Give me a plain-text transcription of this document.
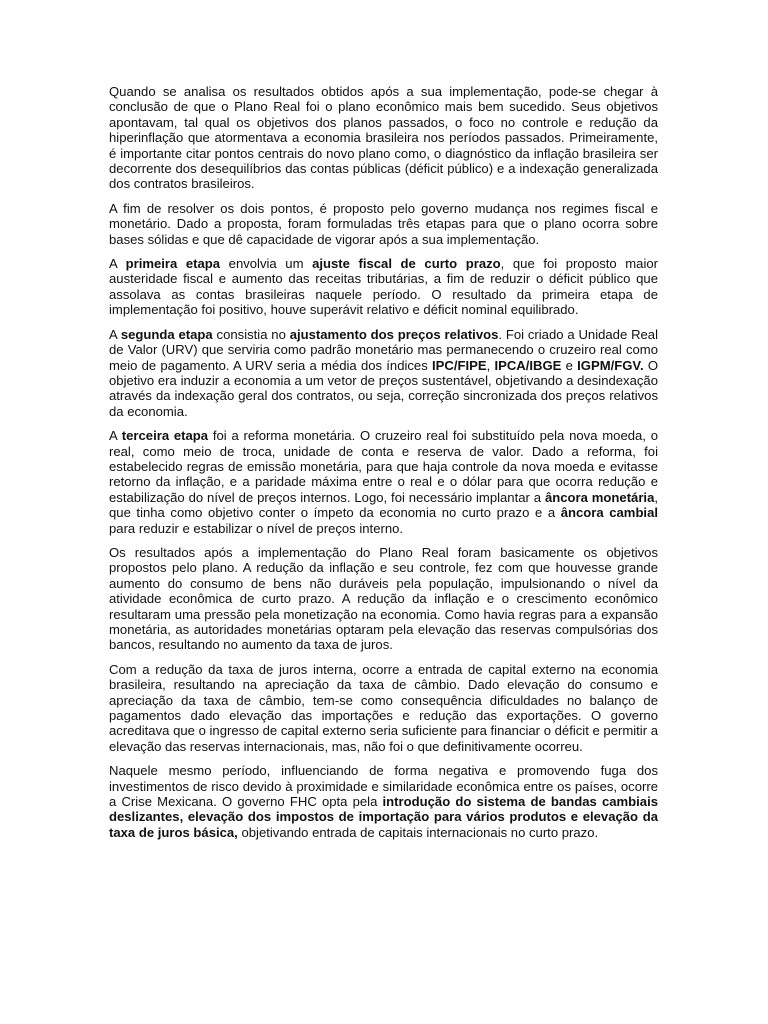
Quando se analisa os resultados obtidos após a sua implementação, pode-se chegar à conclusão de que o Plano Real foi o plano econômico mais bem sucedido. Seus objetivos apontavam, tal qual os objetivos dos planos passados, o foco no controle e redução da hiperinflação que atormentava a economia brasileira nos períodos passados. Primeiramente, é importante citar pontos centrais do novo plano como, o diagnóstico da inflação brasileira ser decorrente dos desequilíbrios das contas públicas (déficit público) e a indexação generalizada dos contratos brasileiros.

A fim de resolver os dois pontos, é proposto pelo governo mudança nos regimes fiscal e monetário. Dado a proposta, foram formuladas três etapas para que o plano ocorra sobre bases sólidas e que dê capacidade de vigorar após a sua implementação.

A primeira etapa envolvia um ajuste fiscal de curto prazo, que foi proposto maior austeridade fiscal e aumento das receitas tributárias, a fim de reduzir o déficit público que assolava as contas brasileiras naquele período. O resultado da primeira etapa de implementação foi positivo, houve superávit relativo e déficit nominal equilibrado.

A segunda etapa consistia no ajustamento dos preços relativos. Foi criado a Unidade Real de Valor (URV) que serviria como padrão monetário mas permanecendo o cruzeiro real como meio de pagamento. A URV seria a média dos índices IPC/FIPE, IPCA/IBGE e IGPM/FGV. O objetivo era induzir a economia a um vetor de preços sustentável, objetivando a desindexação através da indexação geral dos contratos, ou seja, correção sincronizada dos preços relativos da economia.

A terceira etapa foi a reforma monetária. O cruzeiro real foi substituído pela nova moeda, o real, como meio de troca, unidade de conta e reserva de valor. Dado a reforma, foi estabelecido regras de emissão monetária, para que haja controle da nova moeda e evitasse retorno da inflação, e a paridade máxima entre o real e o dólar para que ocorra redução e estabilização do nível de preços internos. Logo, foi necessário implantar a âncora monetária, que tinha como objetivo conter o ímpeto da economia no curto prazo e a âncora cambial para reduzir e estabilizar o nível de preços interno.

Os resultados após a implementação do Plano Real foram basicamente os objetivos propostos pelo plano. A redução da inflação e seu controle, fez com que houvesse grande aumento do consumo de bens não duráveis pela população, impulsionando o nível da atividade econômica de curto prazo. A redução da inflação e o crescimento econômico resultaram uma pressão pela monetização na economia. Como havia regras para a expansão monetária, as autoridades monetárias optaram pela elevação das reservas compulsórias dos bancos, resultando no aumento da taxa de juros.

Com a redução da taxa de juros interna, ocorre a entrada de capital externo na economia brasileira, resultando na apreciação da taxa de câmbio. Dado elevação do consumo e apreciação da taxa de câmbio, tem-se como consequência dificuldades no balanço de pagamentos dado elevação das importações e redução das exportações. O governo acreditava que o ingresso de capital externo seria suficiente para financiar o déficit e permitir a elevação das reservas internacionais, mas, não foi o que definitivamente ocorreu.

Naquele mesmo período, influenciando de forma negativa e promovendo fuga dos investimentos de risco devido à proximidade e similaridade econômica entre os países, ocorre a Crise Mexicana. O governo FHC opta pela introdução do sistema de bandas cambiais deslizantes, elevação dos impostos de importação para vários produtos e elevação da taxa de juros básica, objetivando entrada de capitais internacionais no curto prazo.
